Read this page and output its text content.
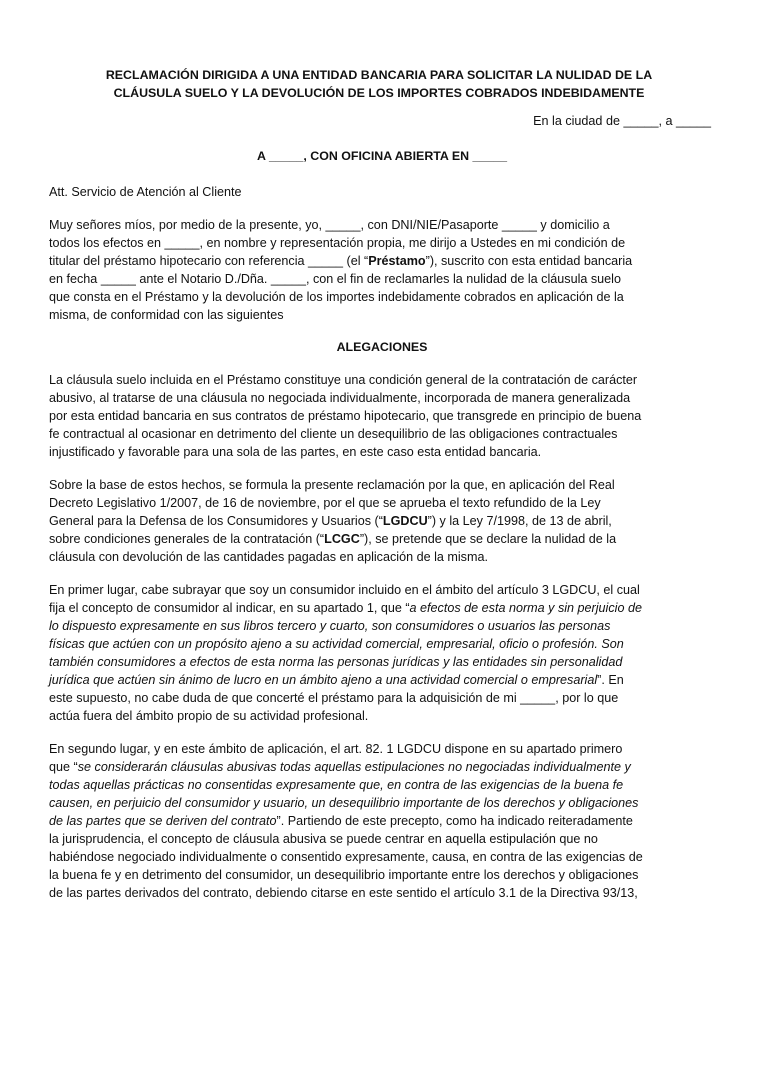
RECLAMACIÓN DIRIGIDA A UNA ENTIDAD BANCARIA PARA SOLICITAR LA NULIDAD DE LA
CLÁUSULA SUELO Y LA DEVOLUCIÓN DE LOS IMPORTES COBRADOS INDEBIDAMENTE
En la ciudad de _____, a _____
A _____, CON OFICINA ABIERTA EN _____

Att. Servicio de Atención al Cliente

Muy señores míos, por medio de la presente, yo, _____, con DNI/NIE/Pasaporte _____ y domicilio a
todos los efectos en _____, en nombre y representación propia, me dirijo a Ustedes en mi condición de
titular del préstamo hipotecario con referencia _____ (el “Préstamo”), suscrito con esta entidad bancaria
en fecha _____ ante el Notario D./Dña. _____, con el fin de reclamarles la nulidad de la cláusula suelo
que consta en el Préstamo y la devolución de los importes indebidamente cobrados en aplicación de la
misma, de conformidad con las siguientes

ALEGACIONES

La cláusula suelo incluida en el Préstamo constituye una condición general de la contratación de carácter
abusivo, al tratarse de una cláusula no negociada individualmente, incorporada de manera generalizada
por esta entidad bancaria en sus contratos de préstamo hipotecario, que transgrede en principio de buena
fe contractual al ocasionar en detrimento del cliente un desequilibrio de las obligaciones contractuales
injustificado y favorable para una sola de las partes, en este caso esta entidad bancaria.

Sobre la base de estos hechos, se formula la presente reclamación por la que, en aplicación del Real
Decreto Legislativo 1/2007, de 16 de noviembre, por el que se aprueba el texto refundido de la Ley
General para la Defensa de los Consumidores y Usuarios (“LGDCU”) y la Ley 7/1998, de 13 de abril,
sobre condiciones generales de la contratación (“LCGC”), se pretende que se declare la nulidad de la
cláusula con devolución de las cantidades pagadas en aplicación de la misma.

En primer lugar, cabe subrayar que soy un consumidor incluido en el ámbito del artículo 3 LGDCU, el cual
fija el concepto de consumidor al indicar, en su apartado 1, que “a efectos de esta norma y sin perjuicio de
lo dispuesto expresamente en sus libros tercero y cuarto, son consumidores o usuarios las personas
físicas que actúen con un propósito ajeno a su actividad comercial, empresarial, oficio o profesión. Son
también consumidores a efectos de esta norma las personas jurídicas y las entidades sin personalidad
jurídica que actúen sin ánimo de lucro en un ámbito ajeno a una actividad comercial o empresarial”. En
este supuesto, no cabe duda de que concerté el préstamo para la adquisición de mi _____, por lo que
actúa fuera del ámbito propio de su actividad profesional.

En segundo lugar, y en este ámbito de aplicación, el art. 82. 1 LGDCU dispone en su apartado primero
que “se considerarán cláusulas abusivas todas aquellas estipulaciones no negociadas individualmente y
todas aquellas prácticas no consentidas expresamente que, en contra de las exigencias de la buena fe
causen, en perjuicio del consumidor y usuario, un desequilibrio importante de los derechos y obligaciones
de las partes que se deriven del contrato”. Partiendo de este precepto, como ha indicado reiteradamente
la jurisprudencia, el concepto de cláusula abusiva se puede centrar en aquella estipulación que no
habiéndose negociado individualmente o consentido expresamente, causa, en contra de las exigencias de
la buena fe y en detrimento del consumidor, un desequilibrio importante entre los derechos y obligaciones
de las partes derivados del contrato, debiendo citarse en este sentido el artículo 3.1 de la Directiva 93/13,
